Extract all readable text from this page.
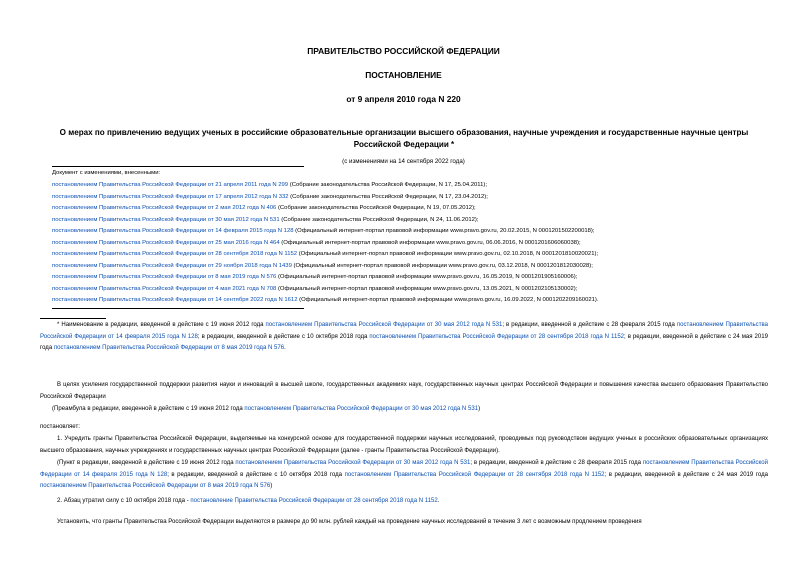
ПРАВИТЕЛЬСТВО РОССИЙСКОЙ ФЕДЕРАЦИИ
ПОСТАНОВЛЕНИЕ
от 9 апреля 2010 года N 220
О мерах по привлечению ведущих ученых в российские образовательные организации высшего образования, научные учреждения и государственные научные центры Российской Федерации *
(с изменениями на 14 сентября 2022 года)
Документ с изменениями, внесенными:
постановлением Правительства Российской Федерации от 21 апреля 2011 года N 299 (Собрание законодательства Российской Федерации, N 17, 25.04.2011);
постановлением Правительства Российской Федерации от 17 апреля 2012 года N 332 (Собрание законодательства Российской Федерации, N 17, 23.04.2012);
постановлением Правительства Российской Федерации от 2 мая 2012 года N 406 (Собрание законодательства Российской Федерации, N 19, 07.05.2012);
постановлением Правительства Российской Федерации от 30 мая 2012 года N 531 (Собрание законодательства Российской Федерации, N 24, 11.06.2012);
постановлением Правительства Российской Федерации от 14 февраля 2015 года N 128 (Официальный интернет-портал правовой информации www.pravo.gov.ru, 20.02.2015, N 0001201502200018);
постановлением Правительства Российской Федерации от 25 мая 2016 года N 464 (Официальный интернет-портал правовой информации www.pravo.gov.ru, 06.06.2016, N 0001201606060038);
постановлением Правительства Российской Федерации от 28 сентября 2018 года N 1152 (Официальный интернет-портал правовой информации www.pravo.gov.ru, 02.10.2018, N 0001201810020021);
постановлением Правительства Российской Федерации от 29 ноября 2018 года N 1439 (Официальный интернет-портал правовой информации www.pravo.gov.ru, 03.12.2018, N 0001201812030028);
постановлением Правительства Российской Федерации от 8 мая 2019 года N 576 (Официальный интернет-портал правовой информации www.pravo.gov.ru, 16.05.2019, N 0001201905160006);
постановлением Правительства Российской Федерации от 4 мая 2021 года N 708 (Официальный интернет-портал правовой информации www.pravo.gov.ru, 13.05.2021, N 0001202105130002);
постановлением Правительства Российской Федерации от 14 сентября 2022 года N 1612 (Официальный интернет-портал правовой информации www.pravo.gov.ru, 16.09.2022, N 0001202209160021).
* Наименование в редакции, введенной в действие с 19 июня 2012 года постановлением Правительства Российской Федерации от 30 мая 2012 года N 531; в редакции, введенной в действие с 28 февраля 2015 года постановлением Правительства Российской Федерации от 14 февраля 2015 года N 128; в редакции, введенной в действие с 10 октября 2018 года постановлением Правительства Российской Федерации от 28 сентября 2018 года N 1152; в редакции, введенной в действие с 24 мая 2019 года постановлением Правительства Российской Федерации от 8 мая 2019 года N 576.
В целях усиления государственной поддержки развития науки и инноваций в высшей школе, государственных академиях наук, государственных научных центрах Российской Федерации и повышения качества высшего образования Правительство Российской Федерации
(Преамбула в редакции, введенной в действие с 19 июня 2012 года постановлением Правительства Российской Федерации от 30 мая 2012 года N 531)
постановляет:
1. Учредить гранты Правительства Российской Федерации, выделяемые на конкурсной основе для государственной поддержки научных исследований, проводимых под руководством ведущих ученых в российских образовательных организациях высшего образования, научных учреждениях и государственных научных центрах Российской Федерации (далее - гранты Правительства Российской Федерации).
(Пункт в редакции, введенной в действие с 19 июня 2012 года постановлением Правительства Российской Федерации от 30 мая 2012 года N 531; в редакции, введенной в действие с 28 февраля 2015 года постановлением Правительства Российской Федерации от 14 февраля 2015 года N 128; в редакции, введенной в действие с 10 октября 2018 года постановлением Правительства Российской Федерации от 28 сентября 2018 года N 1152; в редакции, введенной в действие с 24 мая 2019 года постановлением Правительства Российской Федерации от 8 мая 2019 года N 576)
2. Абзац утратил силу с 10 октября 2018 года - постановление Правительства Российской Федерации от 28 сентября 2018 года N 1152.
Установить, что гранты Правительства Российской Федерации выделяются в размере до 90 млн. рублей каждый на проведение научных исследований в течение 3 лет с возможным продлением проведения
